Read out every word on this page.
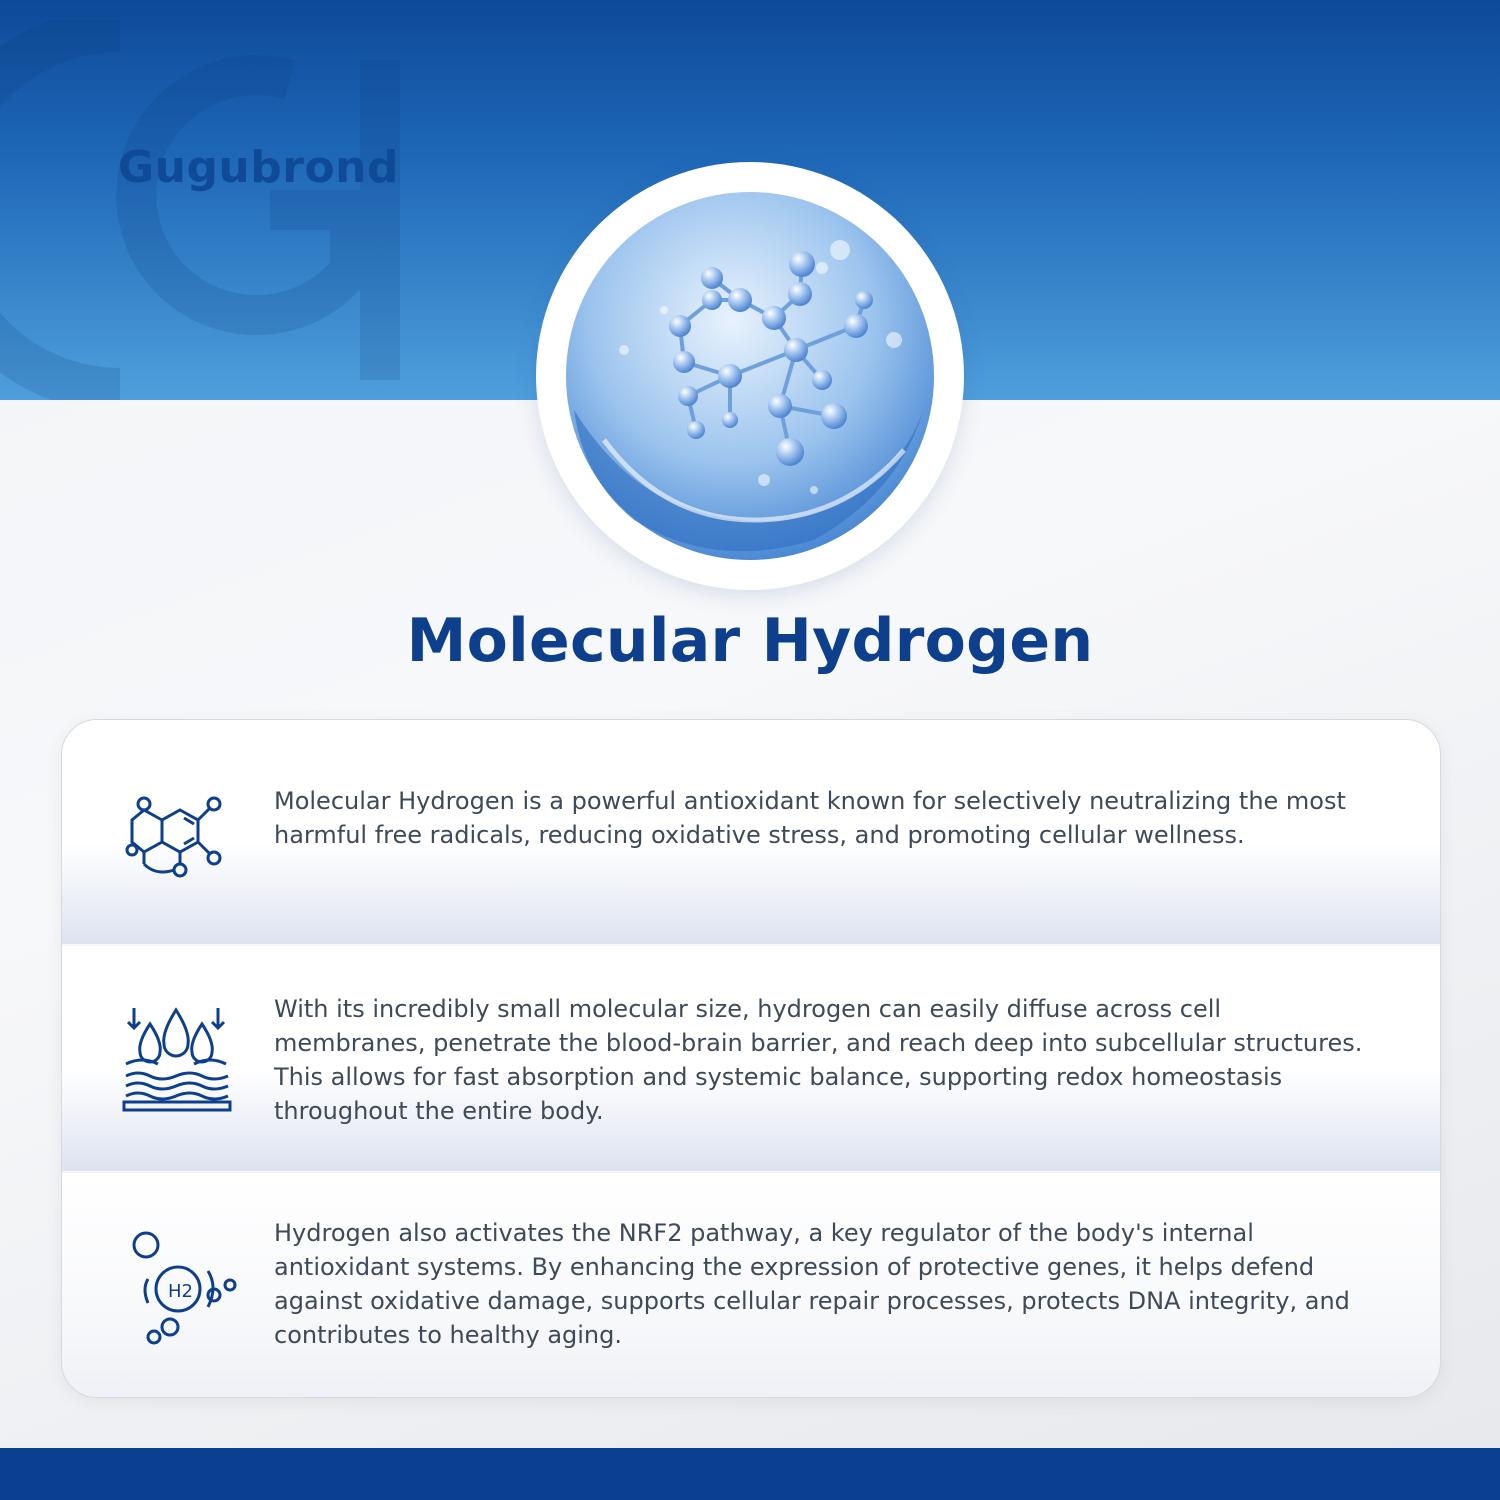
Gugubrond
Molecular Hydrogen

Molecular Hydrogen is a powerful antioxidant known for selectively neutralizing the most harmful free radicals, reducing oxidative stress, and promoting cellular wellness.

With its incredibly small molecular size, hydrogen can easily diffuse across cell membranes, penetrate the blood-brain barrier, and reach deep into subcellular structures. This allows for fast absorption and systemic balance, supporting redox homeostasis throughout the entire body.

H2

Hydrogen also activates the NRF2 pathway, a key regulator of the body's internal antioxidant systems. By enhancing the expression of protective genes, it helps defend against oxidative damage, supports cellular repair processes, protects DNA integrity, and contributes to healthy aging.
